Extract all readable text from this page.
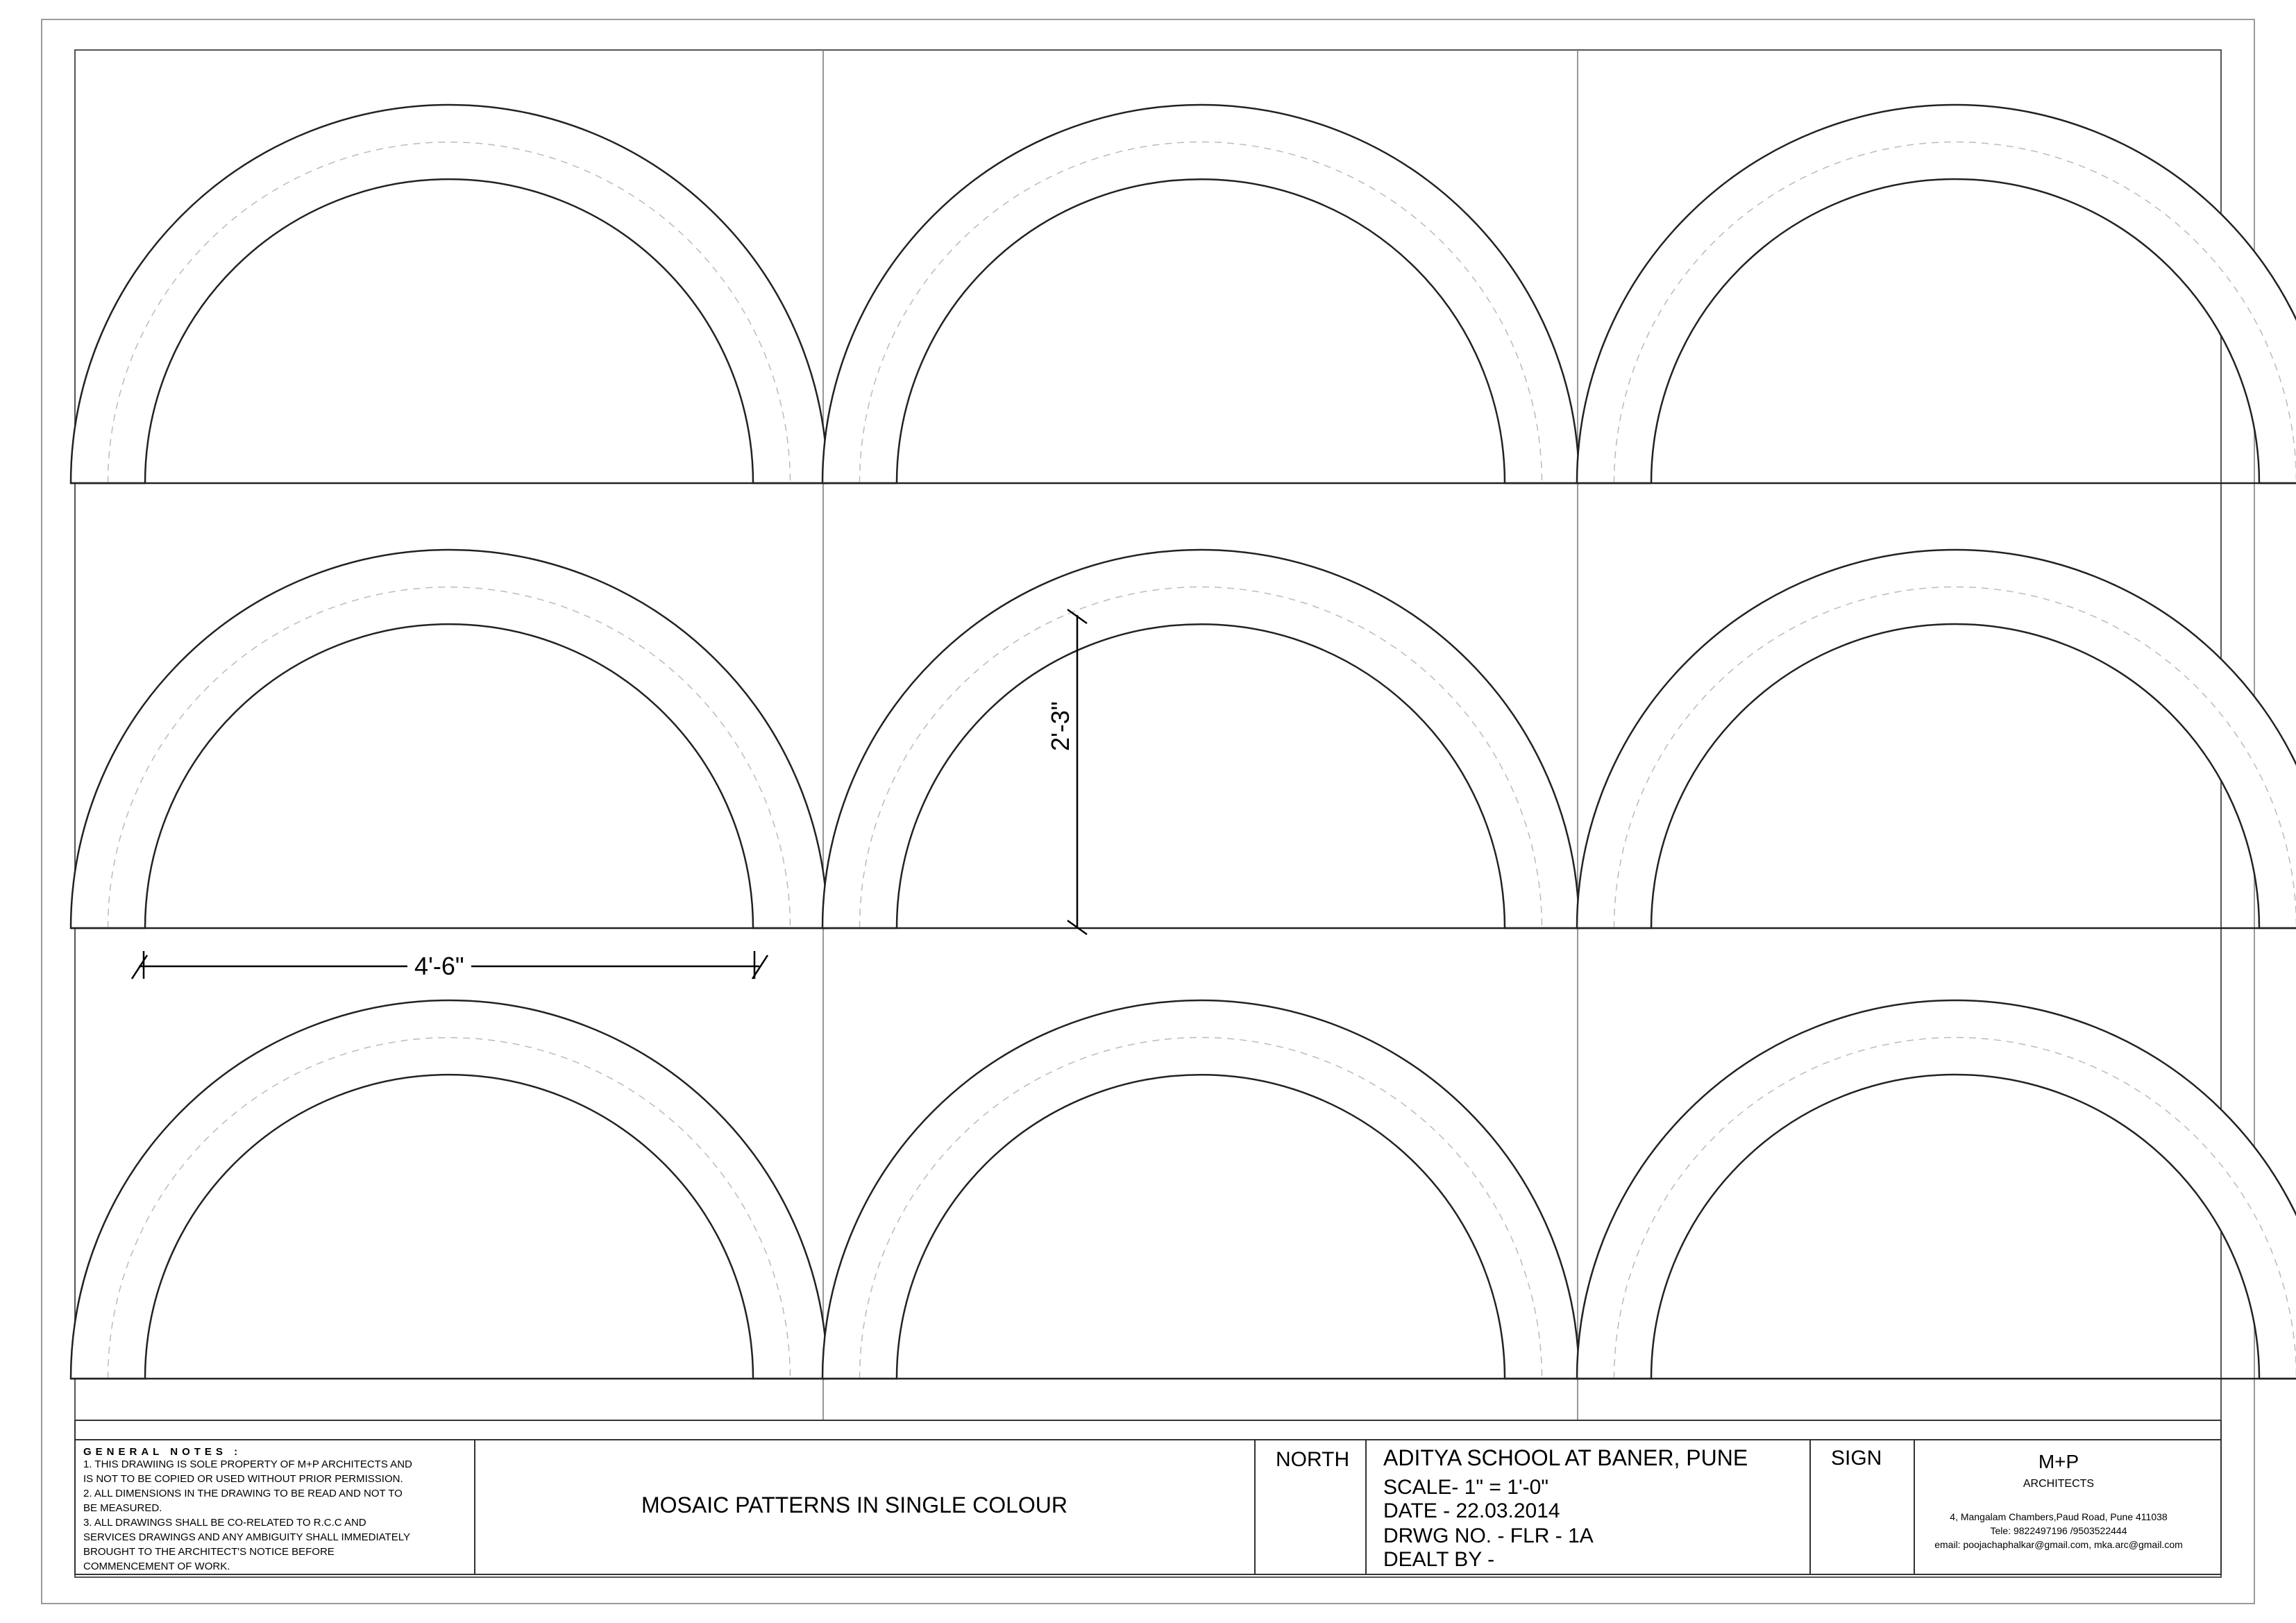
4'-6"
2'-3"
GENERAL NOTES :
1. THIS DRAWIING IS SOLE PROPERTY OF M+P ARCHITECTS AND
IS NOT TO BE COPIED OR USED WITHOUT PRIOR PERMISSION.
2. ALL DIMENSIONS IN THE DRAWING TO BE READ AND NOT TO
BE MEASURED.
3. ALL DRAWINGS SHALL BE CO-RELATED TO R.C.C AND
SERVICES DRAWINGS AND ANY AMBIGUITY SHALL IMMEDIATELY
BROUGHT TO THE ARCHITECT'S NOTICE BEFORE
COMMENCEMENT OF WORK.
MOSAIC PATTERNS IN SINGLE COLOUR
NORTH ADITYA SCHOOL AT BANER, PUNE
SCALE- 1" = 1'-0"
DATE - 22.03.2014
DRWG NO. - FLR - 1A
DEALT BY -
SIGN	M+P
ARCHITECTS
4, Mangalam Chambers,Paud Road, Pune 411038
Tele: 9822497196 /9503522444
email: poojachaphalkar@gmail.com, mka.arc@gmail.com
